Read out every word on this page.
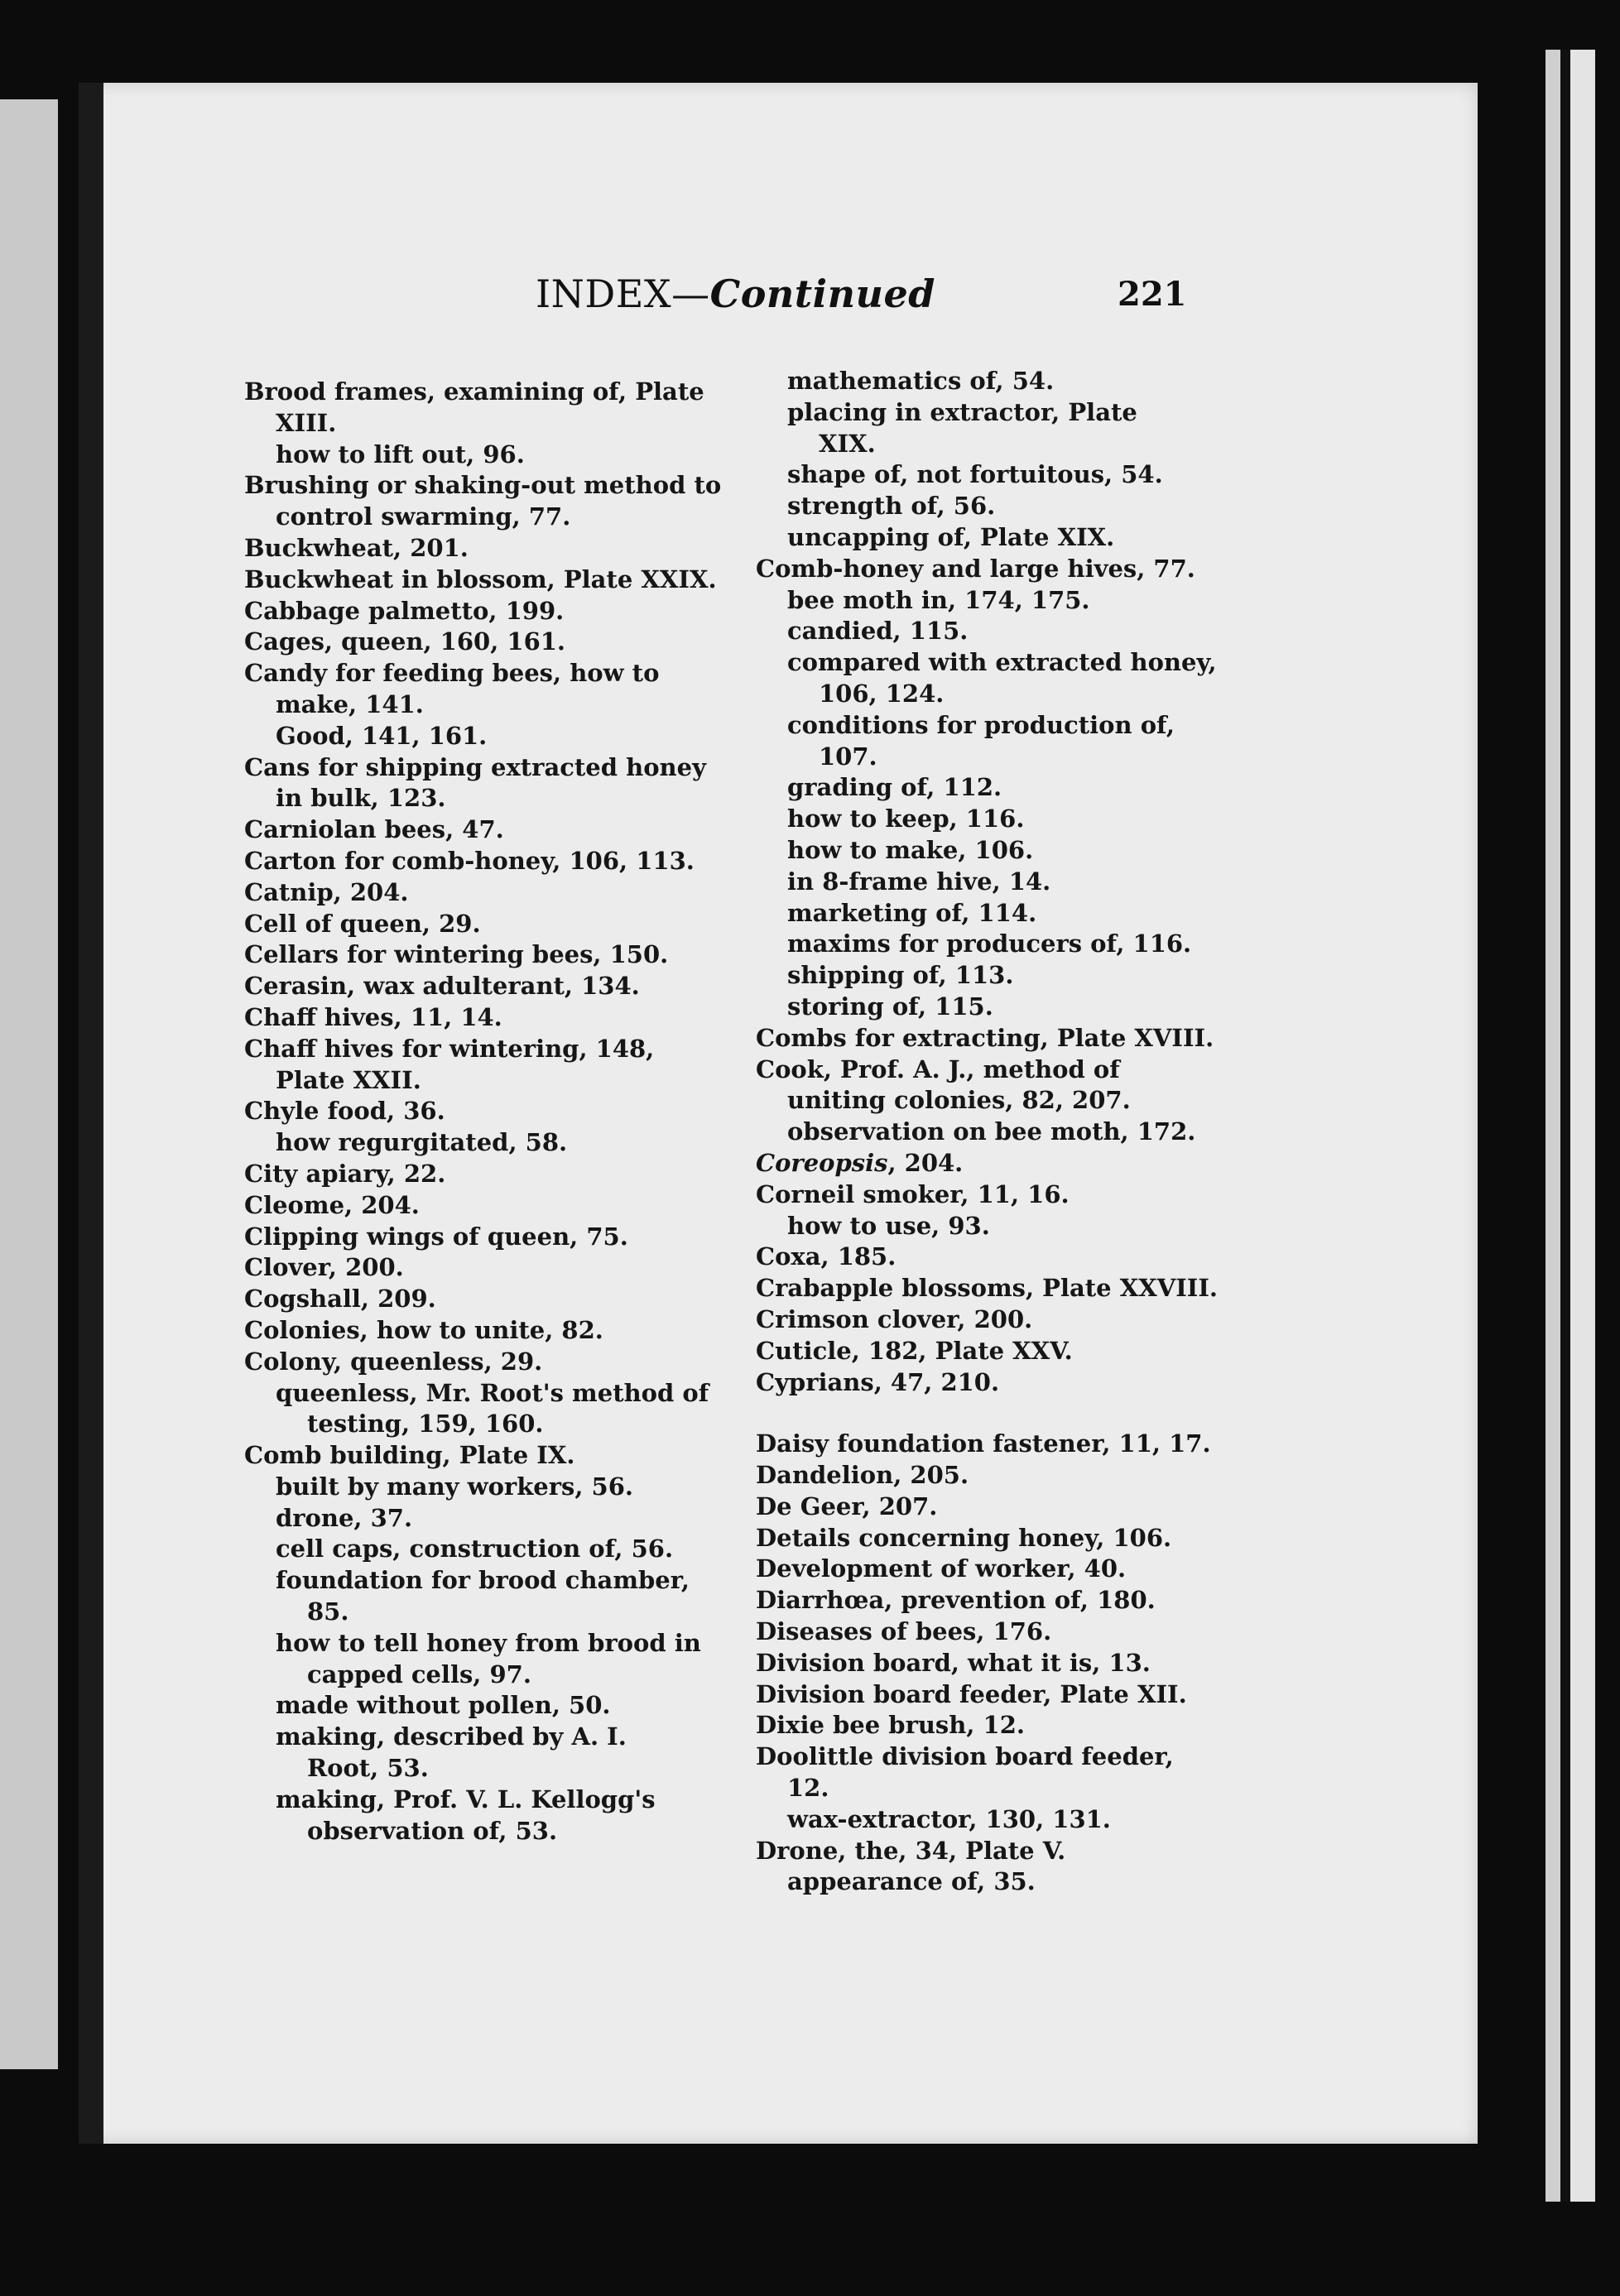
INDEX—Continued	221
Brood frames, examining of, Plate
XIII.
how to lift out, 96.
Brushing or shaking-out method to
control swarming, 77.
Buckwheat, 201.
Buckwheat in blossom, Plate XXIX.
Cabbage palmetto, 199.
Cages, queen, 160, 161.
Candy for feeding bees, how to
make, 141.
Good, 141, 161.
Cans for shipping extracted honey
in bulk, 123.
Carniolan bees, 47.
Carton for comb-honey, 106, 113.
Catnip, 204.
Cell of queen, 29.
Cellars for wintering bees, 150.
Cerasin, wax adulterant, 134.
Chaff hives, 11, 14.
Chaff hives for wintering, 148,
Plate XXII.
Chyle food, 36.
how regurgitated, 58.
City apiary, 22.
Cleome, 204.
Clipping wings of queen, 75.
Clover, 200.
Cogshall, 209.
Colonies, how to unite, 82.
Colony, queenless, 29.
queenless, Mr. Root's method of
testing, 159, 160.
Comb building, Plate IX.
built by many workers, 56.
drone, 37.
cell caps, construction of, 56.
foundation for brood chamber,
85.
how to tell honey from brood in
capped cells, 97.
made without pollen, 50.
making, described by A. I.
Root, 53.
making, Prof. V. L. Kellogg's
observation of, 53.
mathematics of, 54.
placing in extractor, Plate
XIX.
shape of, not fortuitous, 54.
strength of, 56.
uncapping of, Plate XIX.
Comb-honey and large hives, 77.
bee moth in, 174, 175.
candied, 115.
compared with extracted honey,
106, 124.
conditions for production of,
107.
grading of, 112.
how to keep, 116.
how to make, 106.
in 8-frame hive, 14.
marketing of, 114.
maxims for producers of, 116.
shipping of, 113.
storing of, 115.
Combs for extracting, Plate XVIII.
Cook, Prof. A. J., method of
uniting colonies, 82, 207.
observation on bee moth, 172.
Coreopsis, 204.
Corneil smoker, 11, 16.
how to use, 93.
Coxa, 185.
Crabapple blossoms, Plate XXVIII.
Crimson clover, 200.
Cuticle, 182, Plate XXV.
Cyprians, 47, 210.
Daisy foundation fastener, 11, 17.
Dandelion, 205.
De Geer, 207.
Details concerning honey, 106.
Development of worker, 40.
Diarrhœa, prevention of, 180.
Diseases of bees, 176.
Division board, what it is, 13.
Division board feeder, Plate XII.
Dixie bee brush, 12.
Doolittle division board feeder,
12.
wax-extractor, 130, 131.
Drone, the, 34, Plate V.
appearance of, 35.
